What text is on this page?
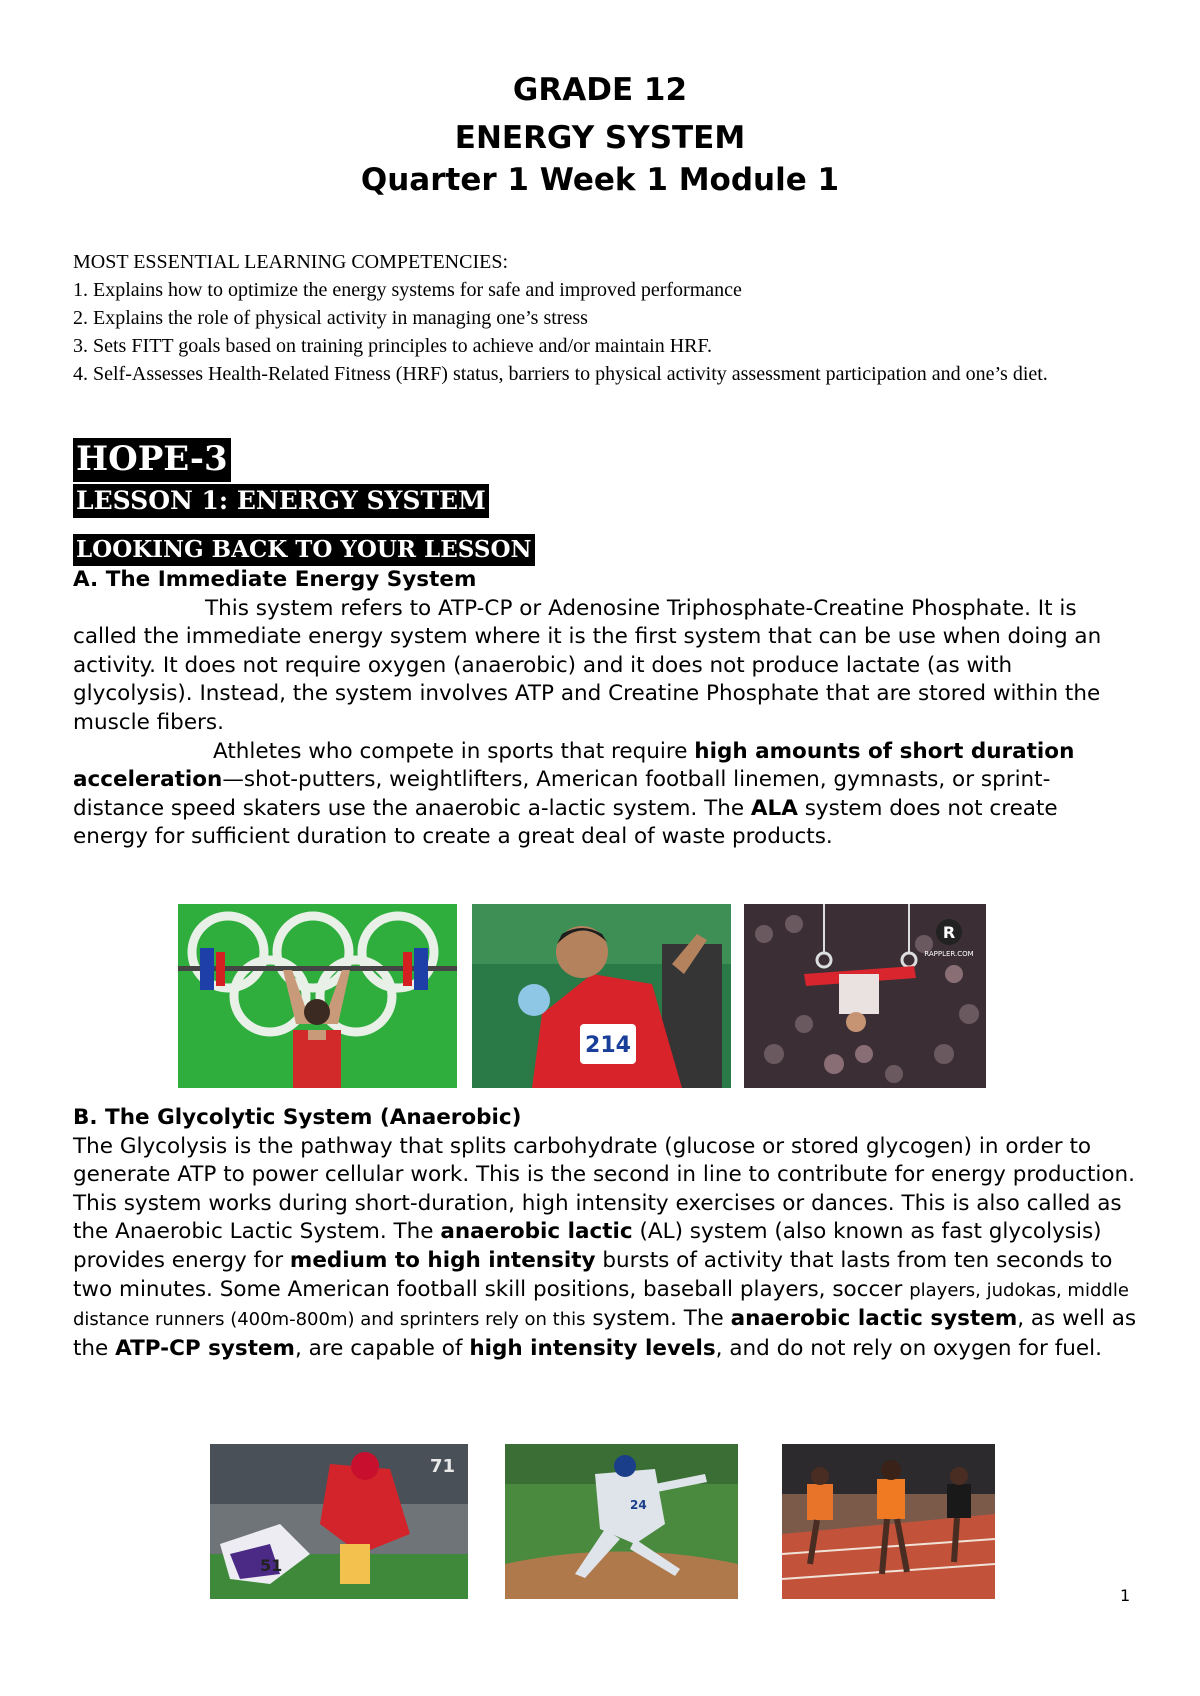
GRADE 12
ENERGY SYSTEM
Quarter 1 Week 1 Module 1
MOST ESSENTIAL LEARNING COMPETENCIES:
1. Explains how to optimize the energy systems for safe and improved performance
2. Explains the role of physical activity in managing one’s stress
3. Sets FITT goals based on training principles to achieve and/or maintain HRF.
4. Self-Assesses Health-Related Fitness (HRF) status, barriers to physical activity assessment participation and one’s diet.
HOPE-3
LESSON 1: ENERGY SYSTEM
LOOKING BACK TO YOUR LESSON
A. The Immediate Energy System

This system refers to ATP-CP or Adenosine Triphosphate-Creatine Phosphate. It is called the immediate energy system where it is the first system that can be use when doing an activity. It does not require oxygen (anaerobic) and it does not produce lactate (as with glycolysis). Instead, the system involves ATP and Creatine Phosphate that are stored within the muscle fibers.

Athletes who compete in sports that require high amounts of short duration acceleration—shot-putters, weightlifters, American football linemen, gymnasts, or sprint-distance speed skaters use the anaerobic a-lactic system. The ALA system does not create energy for sufficient duration to create a great deal of waste products.

214
R
RAPPLER.COM
B. The Glycolytic System (Anaerobic)

The Glycolysis is the pathway that splits carbohydrate (glucose or stored glycogen) in order to generate ATP to power cellular work. This is the second in line to contribute for energy production. This system works during short-duration, high intensity exercises or dances. This is also called as the Anaerobic Lactic System. The anaerobic lactic (AL) system (also known as fast glycolysis) provides energy for medium to high intensity bursts of activity that lasts from ten seconds to two minutes. Some American football skill positions, baseball players, soccer players, judokas, middle distance runners (400m-800m) and sprinters rely on this system. The anaerobic lactic system, as well as the ATP-CP system, are capable of high intensity levels, and do not rely on oxygen for fuel.

71
51
24
1
